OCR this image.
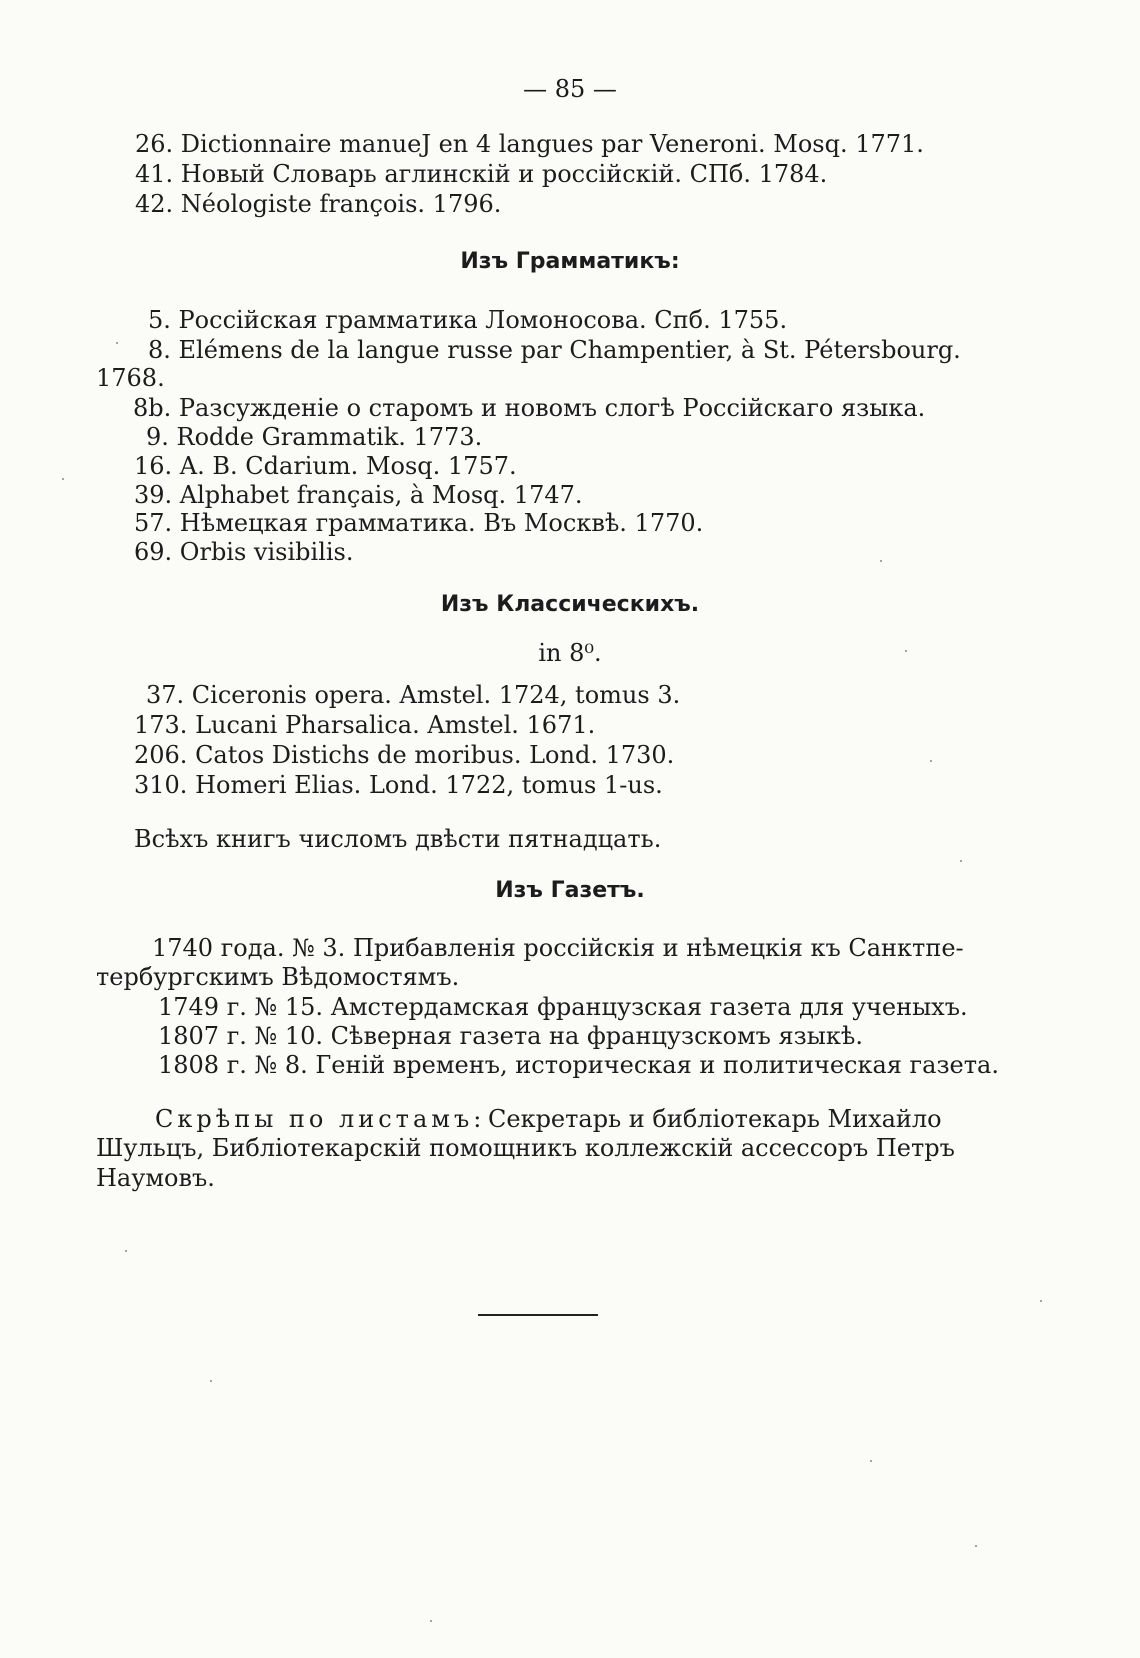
— 85 —
26. Dictionnaire manueJ en 4 langues par Veneroni. Mosq. 1771.
41. Новый Словарь аглинскій и россійскій. СПб. 1784.
42. Néologiste françois. 1796.
Изъ Грамматикъ:
5. Россійская грамматика Ломоносова. Спб. 1755.
8. Elémens de la langue russe par Champentier, à St. Pétersbourg.
1768.
8b. Разсужденіе о старомъ и новомъ слогѣ Россійскаго языка.
9. Rodde Grammatik. 1773.
16. A. B. Cdarium. Mosq. 1757.
39. Alphabet français, à Mosq. 1747.
57. Нѣмецкая грамматика. Въ Москвѣ. 1770.
69. Orbis visibilis.
Изъ Классическихъ.
in 8⁰.
37. Ciceronis opera. Amstel. 1724, tomus 3.
173. Lucani Pharsalica. Amstel. 1671.
206. Catos Distichs de moribus. Lond. 1730.
310. Homeri Elias. Lond. 1722, tomus 1-us.
Всѣхъ книгъ числомъ двѣсти пятнадцать.
Изъ Газетъ.
1740 года. № 3. Прибавленія россійскія и нѣмецкія къ Санктпе-
тербургскимъ Вѣдомостямъ.
1749 г. № 15. Амстердамская французская газета для ученыхъ.
1807 г. № 10. Сѣверная газета на французскомъ языкѣ.
1808 г. № 8. Геній временъ, историческая и политическая газета.
Скрѣпы по листамъ: Секретарь и библіотекарь Михайло
Шульцъ, Библіотекарскій помощникъ коллежскій ассессоръ Петръ
Наумовъ.
